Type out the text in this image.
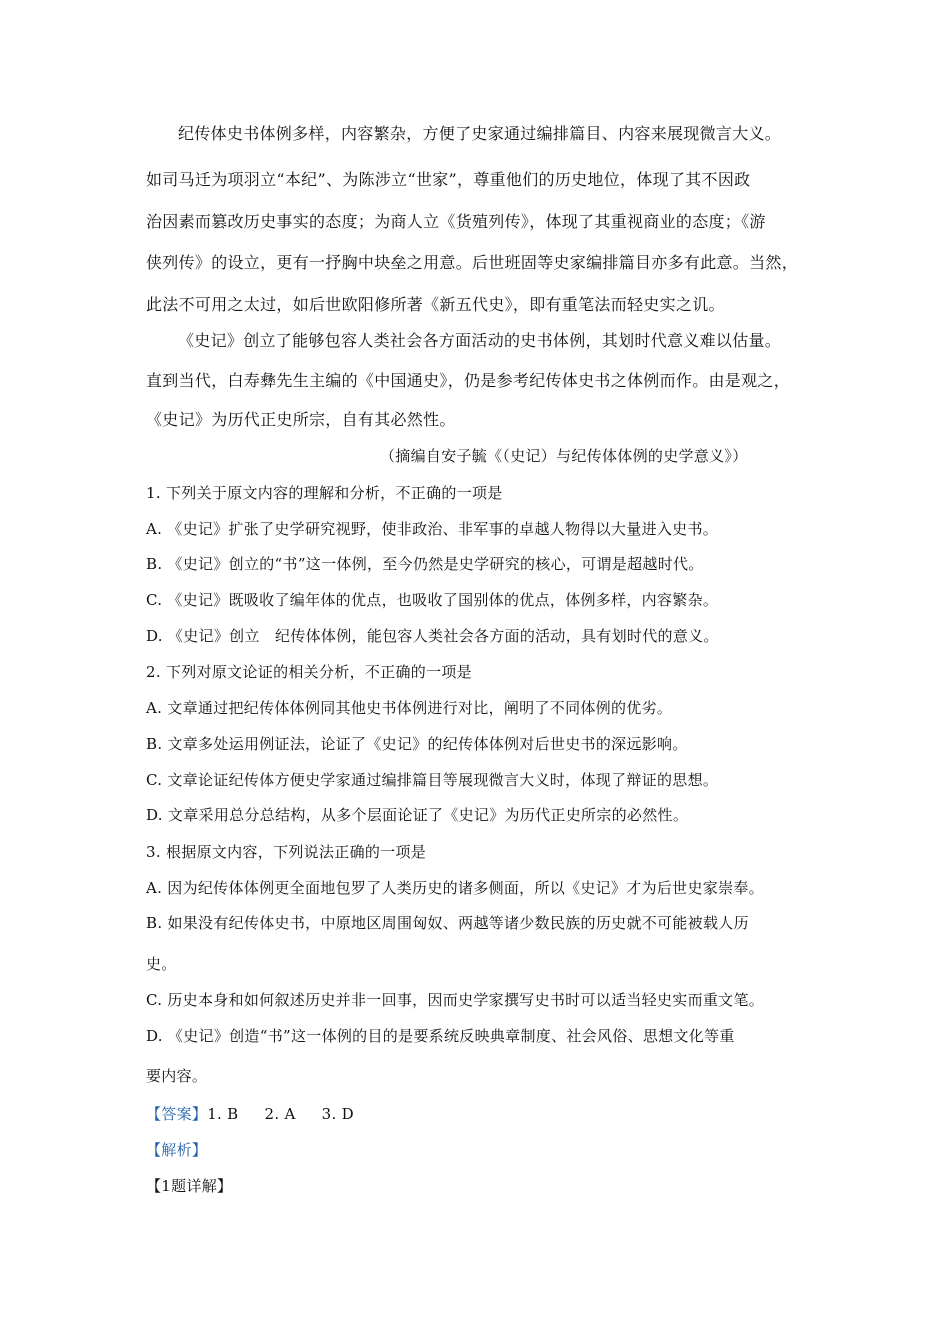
纪传体史书体例多样，内容繁杂，方便了史家通过编排篇目、内容来展现微言大义。

如司马迁为项羽立“本纪”、为陈涉立“世家”，尊重他们的历史地位，体现了其不因政

治因素而篡改历史事实的态度；为商人立《货殖列传》，体现了其重视商业的态度；《游

侠列传》的设立，更有一抒胸中块垒之用意。后世班固等史家编排篇目亦多有此意。当然，

此法不可用之太过，如后世欧阳修所著《新五代史》，即有重笔法而轻史实之讥。

《史记》创立了能够包容人类社会各方面活动的史书体例，其划时代意义难以估量。

直到当代，白寿彝先生主编的《中国通史》，仍是参考纪传体史书之体例而作。由是观之，

《史记》为历代正史所宗，自有其必然性。

（摘编自安子毓《（史记）与纪传体体例的史学意义》）

1. 下列关于原文内容的理解和分析，不正确的一项是

A. 《史记》扩张了史学研究视野，使非政治、非军事的卓越人物得以大量进入史书。

B. 《史记》创立的“书”这一体例，至今仍然是史学研究的核心，可谓是超越时代。

C. 《史记》既吸收了编年体的优点，也吸收了国别体的优点，体例多样，内容繁杂。

D. 《史记》创立　纪传体体例，能包容人类社会各方面的活动，具有划时代的意义。

2. 下列对原文论证的相关分析，不正确的一项是

A. 文章通过把纪传体体例同其他史书体例进行对比，阐明了不同体例的优劣。

B. 文章多处运用例证法，论证了《史记》的纪传体体例对后世史书的深远影响。

C. 文章论证纪传体方便史学家通过编排篇目等展现微言大义时，体现了辩证的思想。

D. 文章采用总分总结构，从多个层面论证了《史记》为历代正史所宗的必然性。

3. 根据原文内容，下列说法正确的一项是

A. 因为纪传体体例更全面地包罗了人类历史的诸多侧面，所以《史记》才为后世史家崇奉。

B. 如果没有纪传体史书，中原地区周围匈奴、两越等诸少数民族的历史就不可能被载人历

史。

C. 历史本身和如何叙述历史并非一回事，因而史学家撰写史书时可以适当轻史实而重文笔。

D. 《史记》创造“书”这一体例的目的是要系统反映典章制度、社会风俗、思想文化等重

要内容。

【答案】1. B 2. A 3. D

【解析】

【1题详解】
